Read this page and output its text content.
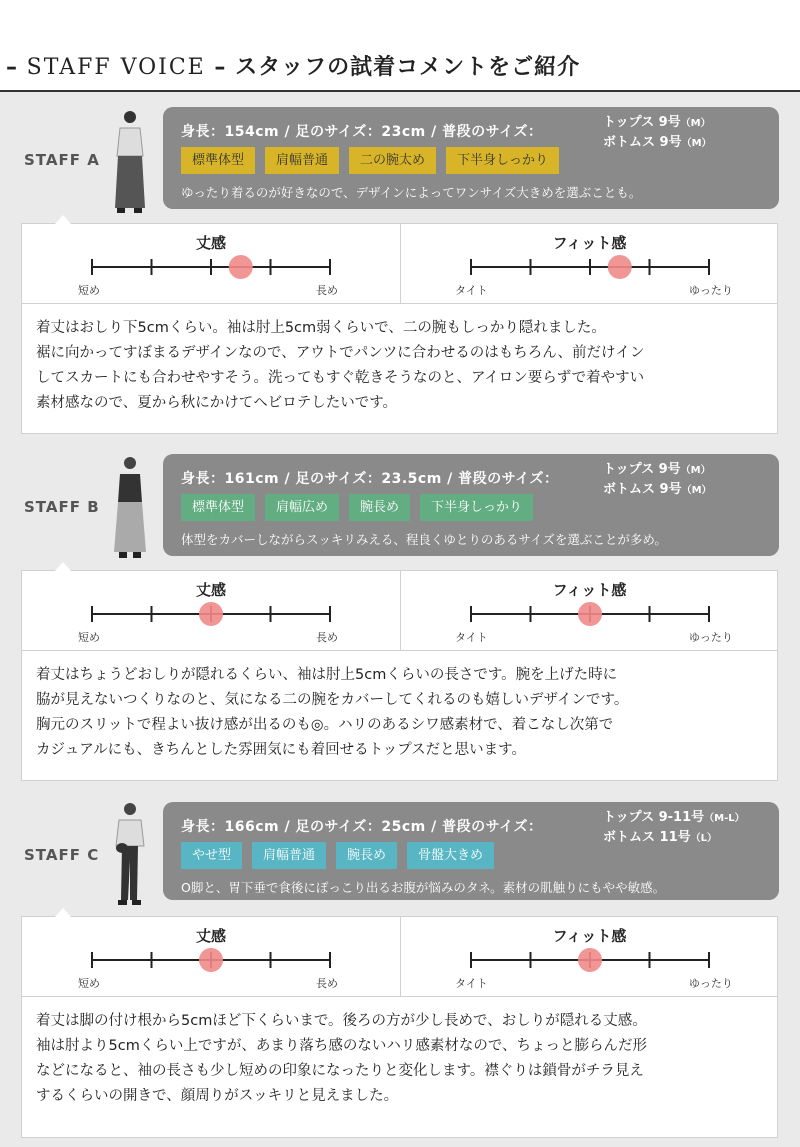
– STAFF VOICE – スタッフの試着コメントをご紹介
STAFF A
身長：154cm / 足のサイズ：23cm / 普段のサイズ：
トップス 9号（M）
ボトムス 9号（M）
標準体型	肩幅普通	二の腕太め	下半身しっかり
ゆったり着るのが好きなので、デザインによってワンサイズ大きめを選ぶことも。
丈感
短め	長め
フィット感
タイト	ゆったり

着丈はおしり下5cmくらい。袖は肘上5cm弱くらいで、二の腕もしっかり隠れました。

裾に向かってすぼまるデザインなので、アウトでパンツに合わせるのはもちろん、前だけイン

してスカートにも合わせやすそう。洗ってもすぐ乾きそうなのと、アイロン要らずで着やすい

素材感なので、夏から秋にかけてヘビロテしたいです。

STAFF B
身長：161cm / 足のサイズ：23.5cm / 普段のサイズ：
トップス 9号（M）
ボトムス 9号（M）
標準体型	肩幅広め	腕長め	下半身しっかり
体型をカバーしながらスッキリみえる、程良くゆとりのあるサイズを選ぶことが多め。
丈感
短め	長め
フィット感
タイト	ゆったり

着丈はちょうどおしりが隠れるくらい、袖は肘上5cmくらいの長さです。腕を上げた時に

脇が見えないつくりなのと、気になる二の腕をカバーしてくれるのも嬉しいデザインです。

胸元のスリットで程よい抜け感が出るのも◎。ハリのあるシワ感素材で、着こなし次第で

カジュアルにも、きちんとした雰囲気にも着回せるトップスだと思います。

STAFF C
身長：166cm / 足のサイズ：25cm / 普段のサイズ：
トップス 9-11号（M-L）
ボトムス 11号（L）
やせ型	肩幅普通	腕長め	骨盤大きめ
O脚と、胃下垂で食後にぽっこり出るお腹が悩みのタネ。素材の肌触りにもやや敏感。
丈感
短め	長め
フィット感
タイト	ゆったり

着丈は脚の付け根から5cmほど下くらいまで。後ろの方が少し長めで、おしりが隠れる丈感。

袖は肘より5cmくらい上ですが、あまり落ち感のないハリ感素材なので、ちょっと膨らんだ形

などになると、袖の長さも少し短めの印象になったりと変化します。襟ぐりは鎖骨がチラ見え

するくらいの開きで、顔周りがスッキリと見えました。
